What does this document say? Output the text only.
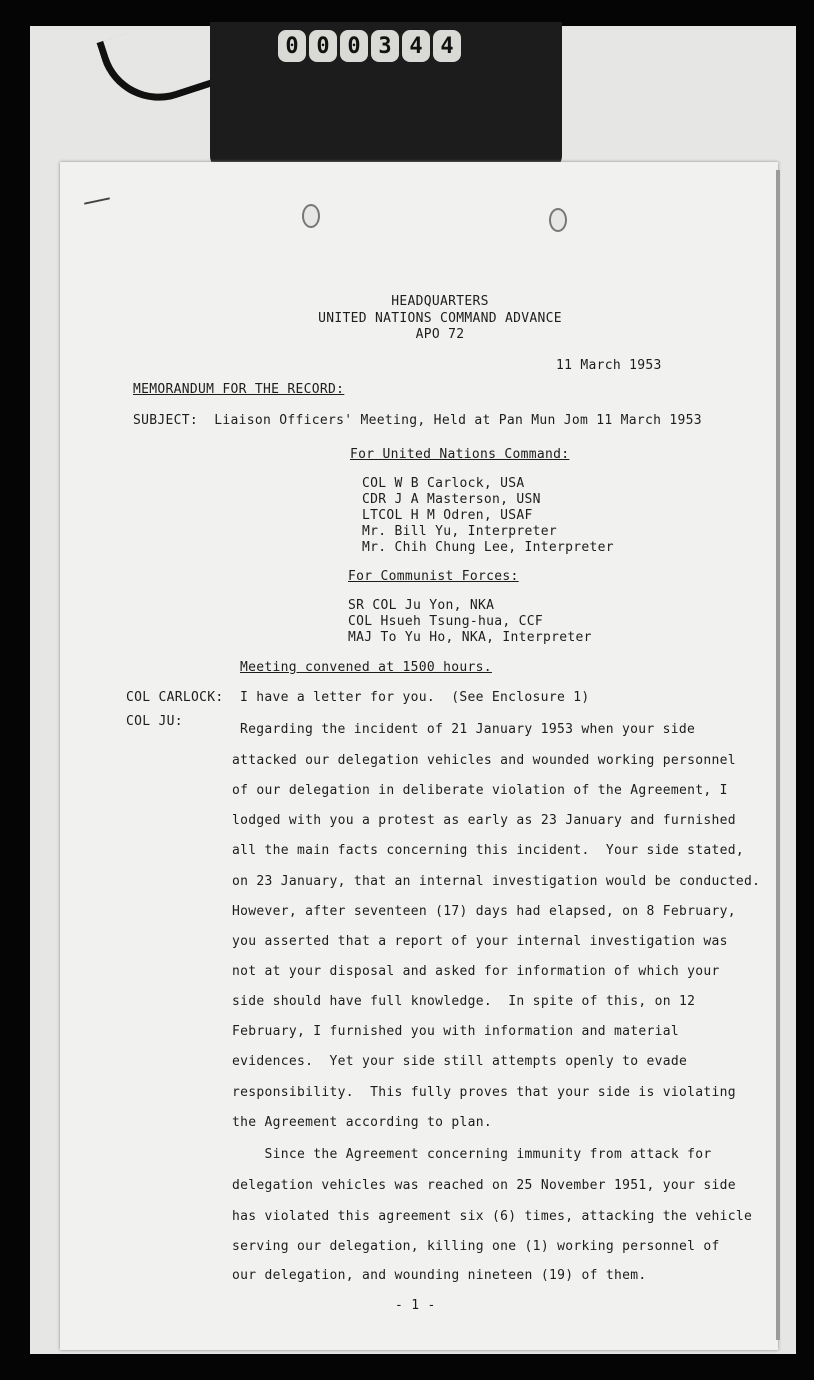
0 0 0 3 4 4
HEADQUARTERS
UNITED NATIONS COMMAND ADVANCE
APO 72
11 March 1953
MEMORANDUM FOR THE RECORD:
SUBJECT:  Liaison Officers' Meeting, Held at Pan Mun Jom 11 March 1953
For United Nations Command:
COL W B Carlock, USA
CDR J A Masterson, USN
LTCOL H M Odren, USAF
Mr. Bill Yu, Interpreter
Mr. Chih Chung Lee, Interpreter
For Communist Forces:
SR COL Ju Yon, NKA
COL Hsueh Tsung-hua, CCF
MAJ To Yu Ho, NKA, Interpreter
Meeting convened at 1500 hours.
COL CARLOCK: I have a letter for you.  (See Enclosure 1)
COL JU:
Regarding the incident of 21 January 1953 when your side
attacked our delegation vehicles and wounded working personnel
of our delegation in deliberate violation of the Agreement, I
lodged with you a protest as early as 23 January and furnished
all the main facts concerning this incident.  Your side stated,
on 23 January, that an internal investigation would be conducted.
However, after seventeen (17) days had elapsed, on 8 February,
you asserted that a report of your internal investigation was
not at your disposal and asked for information of which your
side should have full knowledge.  In spite of this, on 12
February, I furnished you with information and material
evidences.  Yet your side still attempts openly to evade
responsibility.  This fully proves that your side is violating
the Agreement according to plan.
Since the Agreement concerning immunity from attack for
delegation vehicles was reached on 25 November 1951, your side
has violated this agreement six (6) times, attacking the vehicle
serving our delegation, killing one (1) working personnel of
our delegation, and wounding nineteen (19) of them.
- 1 -
